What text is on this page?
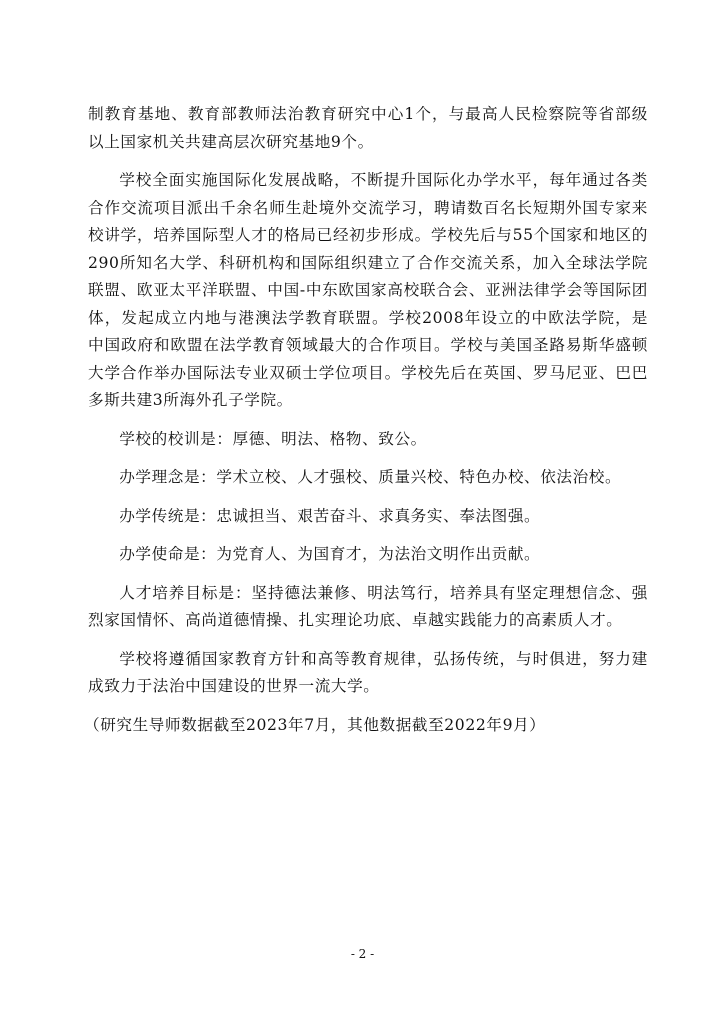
制教育基地、教育部教师法治教育研究中心1个，与最高人民检察院等省部级以上国家机关共建高层次研究基地9个。

学校全面实施国际化发展战略，不断提升国际化办学水平，每年通过各类合作交流项目派出千余名师生赴境外交流学习，聘请数百名长短期外国专家来校讲学，培养国际型人才的格局已经初步形成。学校先后与55个国家和地区的290所知名大学、科研机构和国际组织建立了合作交流关系，加入全球法学院联盟、欧亚太平洋联盟、中国-中东欧国家高校联合会、亚洲法律学会等国际团体，发起成立内地与港澳法学教育联盟。学校2008年设立的中欧法学院，是中国政府和欧盟在法学教育领域最大的合作项目。学校与美国圣路易斯华盛顿大学合作举办国际法专业双硕士学位项目。学校先后在英国、罗马尼亚、巴巴多斯共建3所海外孔子学院。

学校的校训是：厚德、明法、格物、致公。

办学理念是：学术立校、人才强校、质量兴校、特色办校、依法治校。

办学传统是：忠诚担当、艰苦奋斗、求真务实、奉法图强。

办学使命是：为党育人、为国育才，为法治文明作出贡献。

人才培养目标是：坚持德法兼修、明法笃行，培养具有坚定理想信念、强烈家国情怀、高尚道德情操、扎实理论功底、卓越实践能力的高素质人才。

学校将遵循国家教育方针和高等教育规律，弘扬传统，与时俱进，努力建成致力于法治中国建设的世界一流大学。

（研究生导师数据截至2023年7月，其他数据截至2022年9月）

- 2 -
